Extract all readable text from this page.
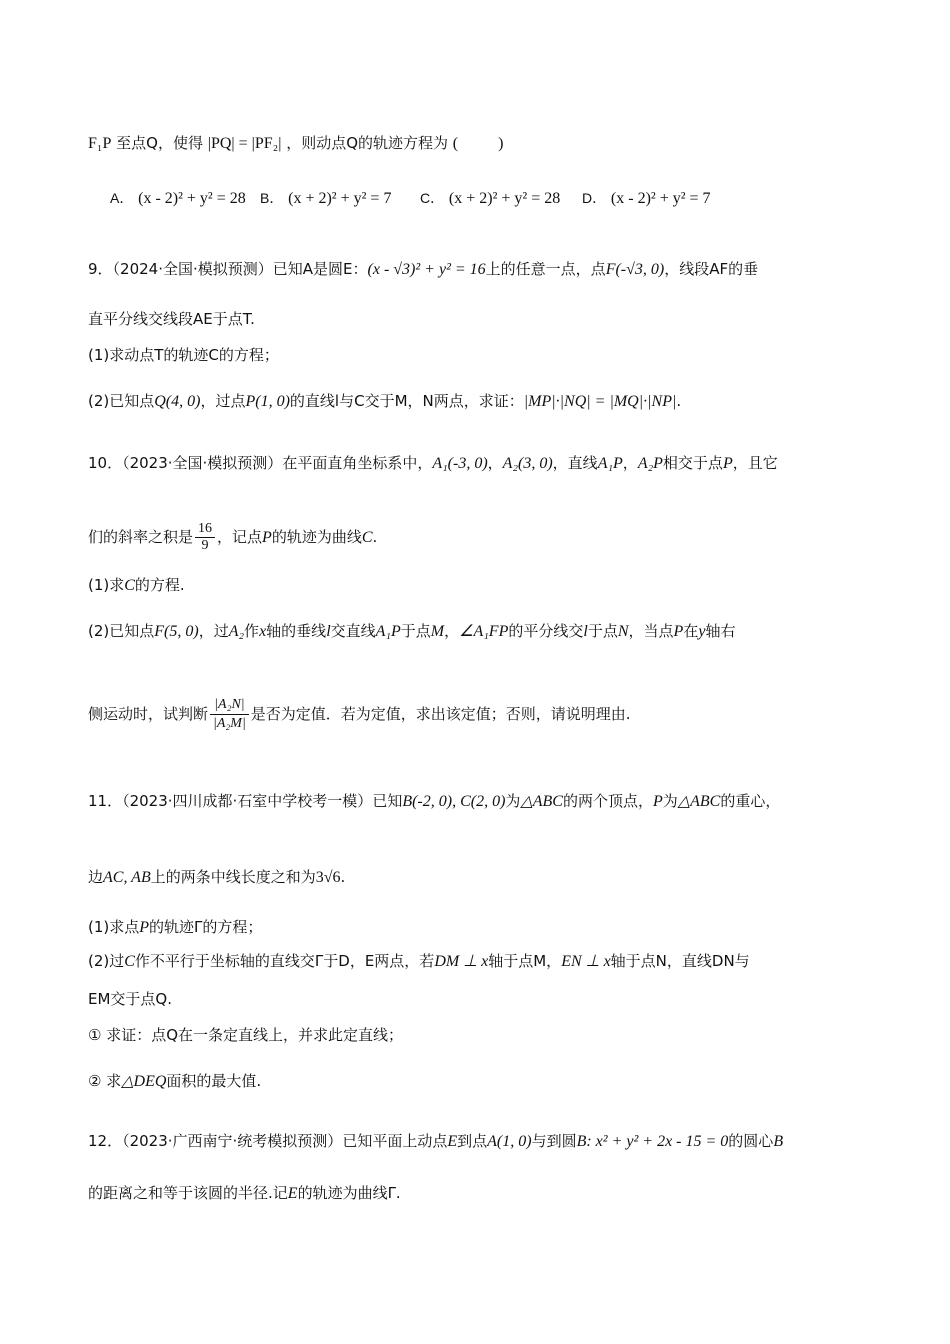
F₁P 至点Q，使得 |PQ| = |PF₂| ，则动点Q的轨迹方程为 (          )
A． (x - 2)² + y² = 28 B． (x + 2)² + y² = 7 C． (x + 2)² + y² = 28 D． (x - 2)² + y² = 7
9．（2024·全国·模拟预测）已知A是圆E：(x - √3)² + y² = 16上的任意一点，点F(-√3, 0)，线段AF的垂
直平分线交线段AE于点T.
(1)求动点T的轨迹C的方程；
(2)已知点Q(4, 0)，过点P(1, 0)的直线l与C交于M，N两点，求证：|MP|·|NQ| = |MQ|·|NP|.
10．（2023·全国·模拟预测）在平面直角坐标系中，A₁(-3, 0)，A₂(3, 0)，直线A₁P，A₂P相交于点P，且它
们的斜率之积是 $\frac{16}{9}$ ，记点P的轨迹为曲线C.
(1)求C的方程.
(2)已知点F(5, 0)，过A₂作x轴的垂线l交直线A₁P于点M，∠A₁FP的平分线交l于点N，当点P在y轴右
侧运动时，试判断 $\frac{\text{|A₂N|}}{\text{|A₂M|}}$ 是否为定值．若为定值，求出该定值；否则，请说明理由.
11．（2023·四川成都·石室中学校考一模）已知B(-2, 0), C(2, 0)为△ABC的两个顶点，P为△ABC的重心，
边AC, AB上的两条中线长度之和为3√6.
(1)求点P的轨迹Γ的方程；
(2)过C作不平行于坐标轴的直线交Γ于D，E两点，若DM ⊥ x轴于点M，EN ⊥ x轴于点N，直线DN与
EM交于点Q.
① 求证：点Q在一条定直线上，并求此定直线；
② 求△DEQ面积的最大值.
12．（2023·广西南宁·统考模拟预测）已知平面上动点E到点A(1, 0)与到圆B: x² + y² + 2x - 15 = 0的圆心B
的距离之和等于该圆的半径.记E的轨迹为曲线Γ.
